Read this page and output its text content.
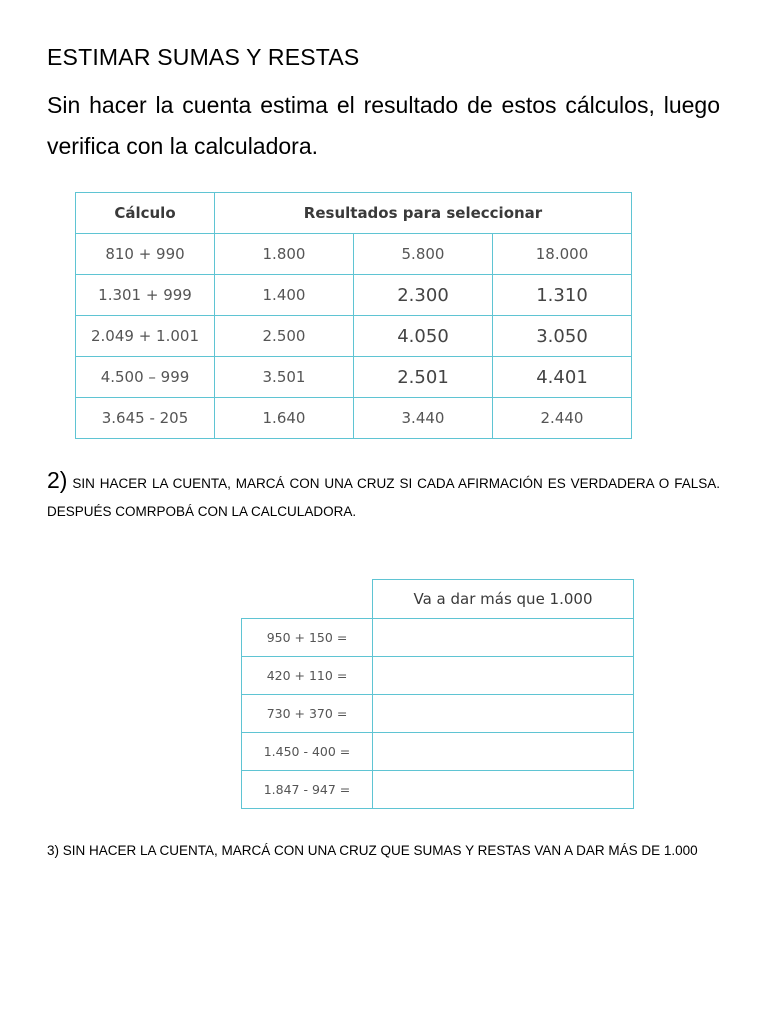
ESTIMAR SUMAS Y RESTAS
Sin hacer la cuenta estima el resultado de estos cálculos, luego verifica con la calculadora.
2) SIN HACER LA CUENTA, MARCÁ CON UNA CRUZ SI CADA AFIRMACIÓN ES VERDADERA O FALSA. DESPUÉS COMRPOBÁ CON LA CALCULADORA.
3) SIN HACER LA CUENTA, MARCÁ CON UNA CRUZ QUE SUMAS Y RESTAS VAN A DAR MÁS DE 1.000
Cálculo	Resultados para seleccionar		
810 + 990	1.800	5.800	18.000
1.301 + 999	1.400	2.300	1.310
2.049 + 1.001	2.500	4.050	3.050
4.500 – 999	3.501	2.501	4.401
3.645 - 205	1.640	3.440	2.440
	Va a dar más que 1.000
950 + 150 =	
420 + 110 =	
730 + 370 =	
1.450 - 400 =	
1.847 - 947 =	
